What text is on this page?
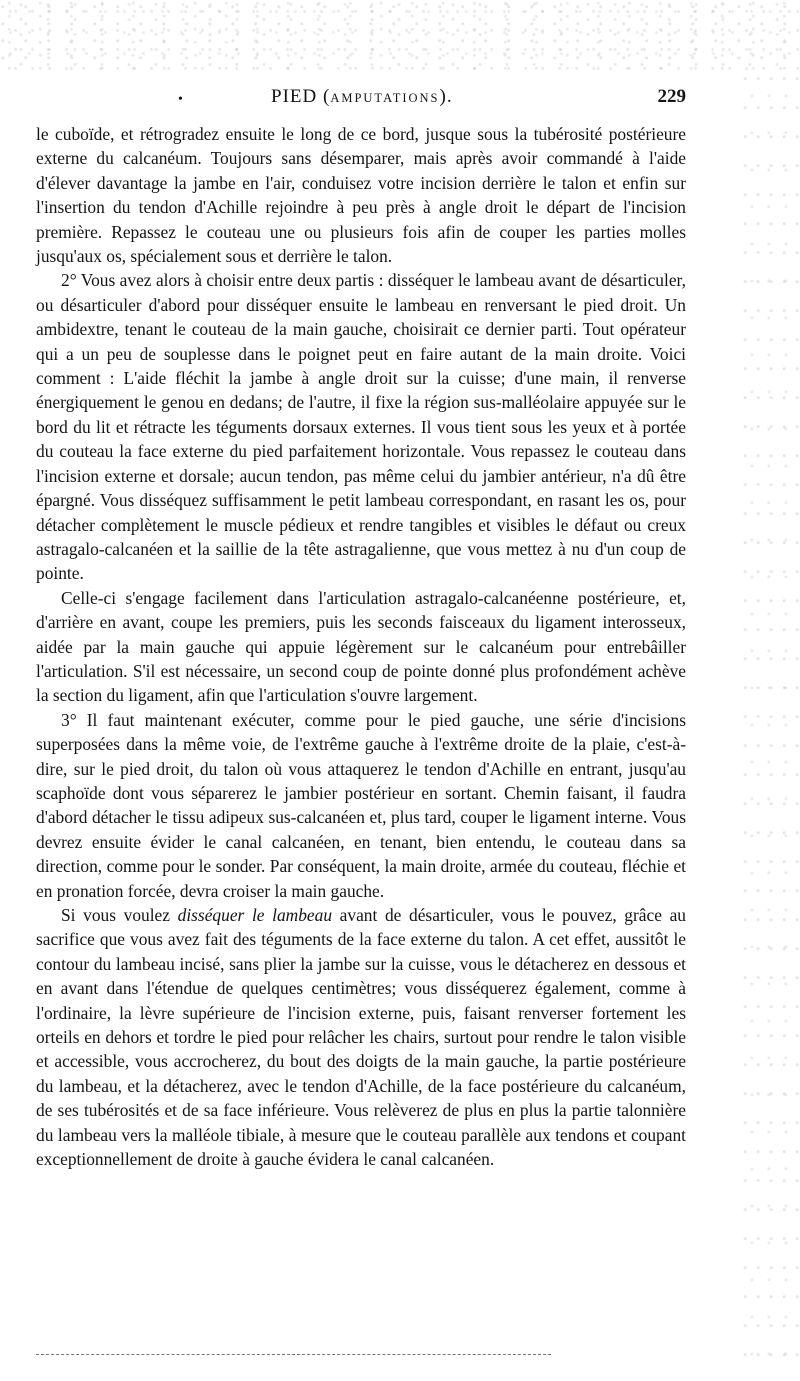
•	PIED (AMPUTATIONS).	229

le cuboïde, et rétrogradez ensuite le long de ce bord, jusque sous la tubérosité postérieure externe du calcanéum. Toujours sans désemparer, mais après avoir commandé à l'aide d'élever davantage la jambe en l'air, conduisez votre incision derrière le talon et enfin sur l'insertion du tendon d'Achille rejoindre à peu près à angle droit le départ de l'incision première. Repassez le couteau une ou plusieurs fois afin de couper les parties molles jusqu'aux os, spécialement sous et derrière le talon.

2° Vous avez alors à choisir entre deux partis : disséquer le lambeau avant de désarticuler, ou désarticuler d'abord pour disséquer ensuite le lambeau en renversant le pied droit. Un ambidextre, tenant le couteau de la main gauche, choisirait ce dernier parti. Tout opérateur qui a un peu de souplesse dans le poignet peut en faire autant de la main droite. Voici comment : L'aide fléchit la jambe à angle droit sur la cuisse; d'une main, il renverse énergiquement le genou en dedans; de l'autre, il fixe la région sus-malléolaire appuyée sur le bord du lit et rétracte les téguments dorsaux externes. Il vous tient sous les yeux et à portée du couteau la face externe du pied parfaitement horizontale. Vous repassez le couteau dans l'incision externe et dorsale; aucun tendon, pas même celui du jambier antérieur, n'a dû être épargné. Vous disséquez suffisamment le petit lambeau correspondant, en rasant les os, pour détacher complètement le muscle pédieux et rendre tangibles et visibles le défaut ou creux astragalo-calcanéen et la saillie de la tête astragalienne, que vous mettez à nu d'un coup de pointe.

Celle-ci s'engage facilement dans l'articulation astragalo-calcanéenne postérieure, et, d'arrière en avant, coupe les premiers, puis les seconds faisceaux du ligament interosseux, aidée par la main gauche qui appuie légèrement sur le calcanéum pour entrebâiller l'articulation. S'il est nécessaire, un second coup de pointe donné plus profondément achève la section du ligament, afin que l'articulation s'ouvre largement.

3° Il faut maintenant exécuter, comme pour le pied gauche, une série d'incisions superposées dans la même voie, de l'extrême gauche à l'extrême droite de la plaie, c'est-à-dire, sur le pied droit, du talon où vous attaquerez le tendon d'Achille en entrant, jusqu'au scaphoïde dont vous séparerez le jambier postérieur en sortant. Chemin faisant, il faudra d'abord détacher le tissu adipeux sus-calcanéen et, plus tard, couper le ligament interne. Vous devrez ensuite évider le canal calcanéen, en tenant, bien entendu, le couteau dans sa direction, comme pour le sonder. Par conséquent, la main droite, armée du couteau, fléchie et en pronation forcée, devra croiser la main gauche.

Si vous voulez disséquer le lambeau avant de désarticuler, vous le pouvez, grâce au sacrifice que vous avez fait des téguments de la face externe du talon. A cet effet, aussitôt le contour du lambeau incisé, sans plier la jambe sur la cuisse, vous le détacherez en dessous et en avant dans l'étendue de quelques centimètres; vous disséquerez également, comme à l'ordinaire, la lèvre supérieure de l'incision externe, puis, faisant renverser fortement les orteils en dehors et tordre le pied pour relâcher les chairs, surtout pour rendre le talon visible et accessible, vous accrocherez, du bout des doigts de la main gauche, la partie postérieure du lambeau, et la détacherez, avec le tendon d'Achille, de la face postérieure du calcanéum, de ses tubérosités et de sa face inférieure. Vous relèverez de plus en plus la partie talonnière du lambeau vers la malléole tibiale, à mesure que le couteau parallèle aux tendons et coupant exceptionnellement de droite à gauche évidera le canal calcanéen.
